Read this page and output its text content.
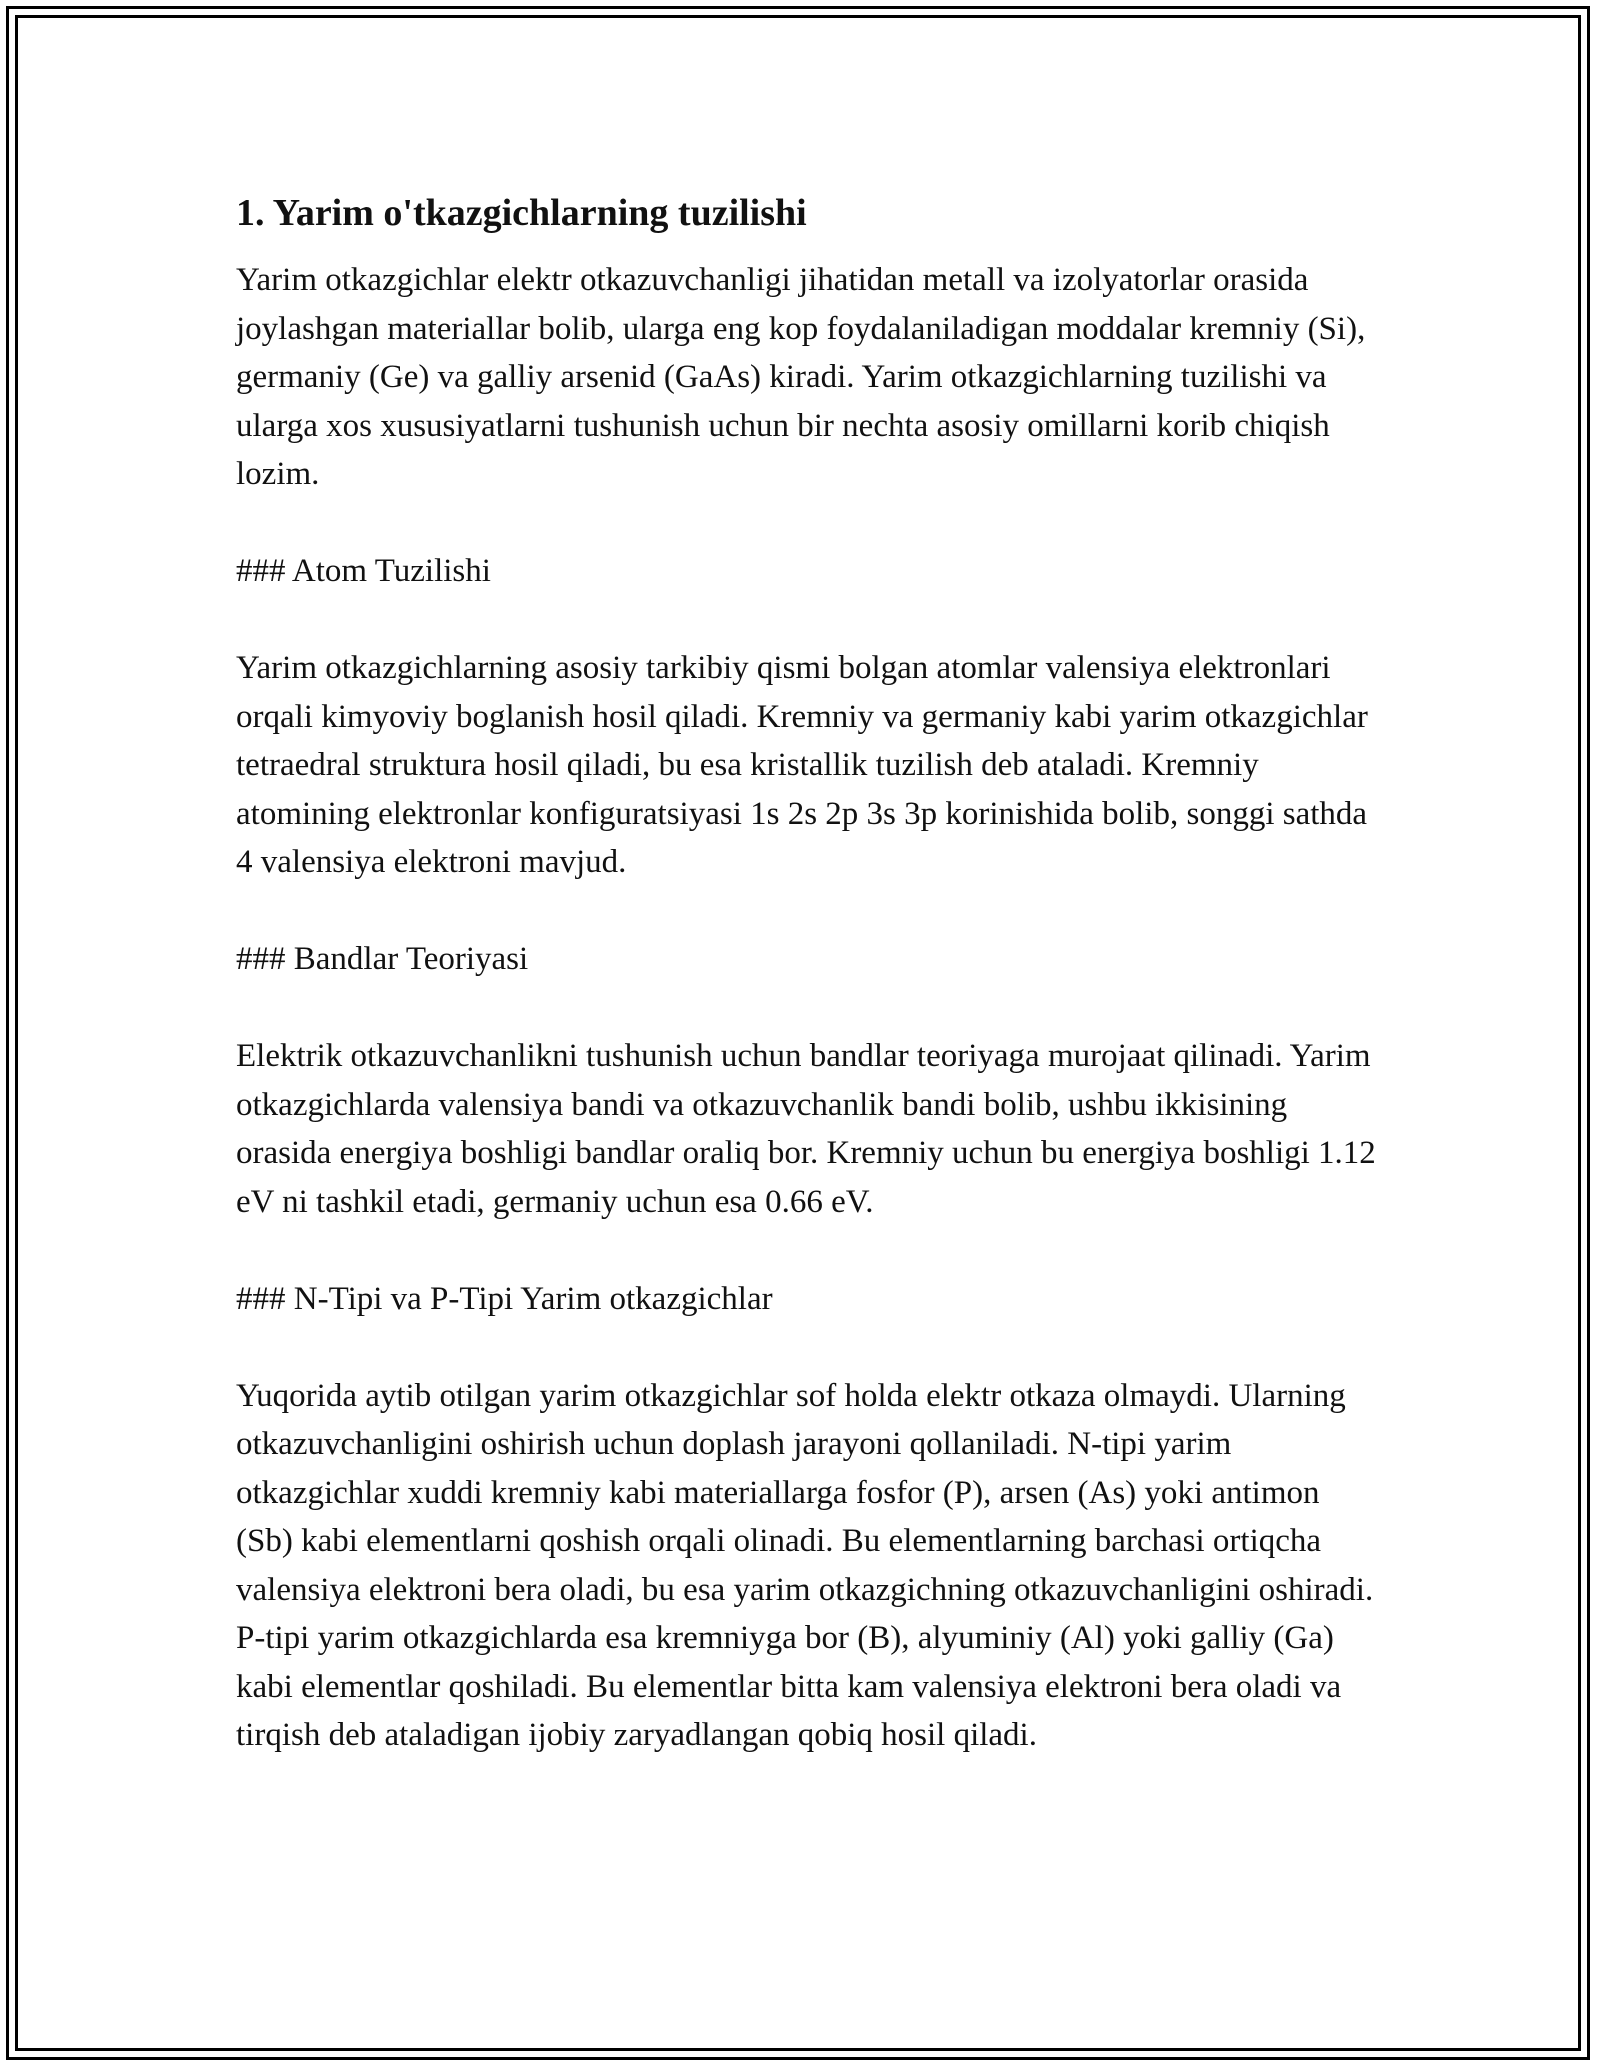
1. Yarim o'tkazgichlarning tuzilishi

Yarim otkazgichlar elektr otkazuvchanligi jihatidan metall va izolyatorlar orasida joylashgan materiallar bolib, ularga eng kop foydalaniladigan moddalar kremniy (Si), germaniy (Ge) va galliy arsenid (GaAs) kiradi. Yarim otkazgichlarning tuzilishi va ularga xos xususiyatlarni tushunish uchun bir nechta asosiy omillarni korib chiqish lozim.

### Atom Tuzilishi

Yarim otkazgichlarning asosiy tarkibiy qismi bolgan atomlar valensiya elektronlari orqali kimyoviy boglanish hosil qiladi. Kremniy va germaniy kabi yarim otkazgichlar tetraedral struktura hosil qiladi, bu esa kristallik tuzilish deb ataladi. Kremniy atomining elektronlar konfiguratsiyasi 1s 2s 2p 3s 3p korinishida bolib, songgi sathda 4 valensiya elektroni mavjud.

### Bandlar Teoriyasi

Elektrik otkazuvchanlikni tushunish uchun bandlar teoriyaga murojaat qilinadi. Yarim otkazgichlarda valensiya bandi va otkazuvchanlik bandi bolib, ushbu ikkisining orasida energiya boshligi bandlar oraliq bor. Kremniy uchun bu energiya boshligi 1.12 eV ni tashkil etadi, germaniy uchun esa 0.66 eV.

### N-Tipi va P-Tipi Yarim otkazgichlar

Yuqorida aytib otilgan yarim otkazgichlar sof holda elektr otkaza olmaydi. Ularning otkazuvchanligini oshirish uchun doplash jarayoni qollaniladi. N-tipi yarim otkazgichlar xuddi kremniy kabi materiallarga fosfor (P), arsen (As) yoki antimon (Sb) kabi elementlarni qoshish orqali olinadi. Bu elementlarning barchasi ortiqcha valensiya elektroni bera oladi, bu esa yarim otkazgichning otkazuvchanligini oshiradi. P-tipi yarim otkazgichlarda esa kremniyga bor (B), alyuminiy (Al) yoki galliy (Ga) kabi elementlar qoshiladi. Bu elementlar bitta kam valensiya elektroni bera oladi va tirqish deb ataladigan ijobiy zaryadlangan qobiq hosil qiladi.
